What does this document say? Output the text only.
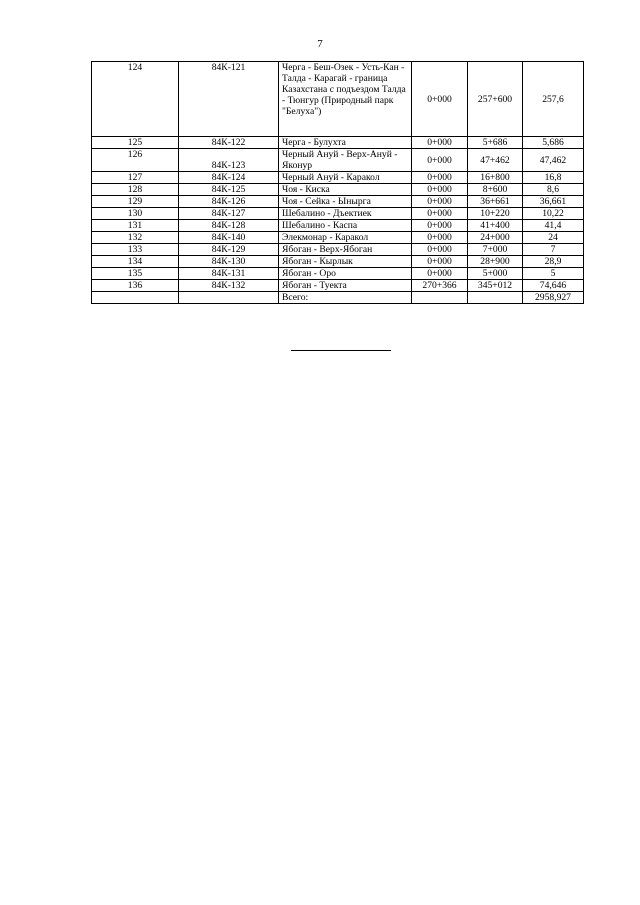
7
124	84К-121	Черга - Беш-Озек - Усть-Кан - Талда - Карагай - граница Казахстана с подъездом Талда - Тюнгур (Природный парк "Белуха")	0+000	257+600	257,6
125	84К-122	Черга - Булухта	0+000	5+686	5,686
126	84К-123	Черный Ануй - Верх-Ануй - Яконур	0+000	47+462	47,462
127	84К-124	Черный Ануй - Каракол	0+000	16+800	16,8
128	84К-125	Чоя - Киска	0+000	8+600	8,6
129	84К-126	Чоя - Сейка - Ыныргa	0+000	36+661	36,661
130	84К-127	Шебалино - Дъектиек	0+000	10+220	10,22
131	84К-128	Шебалино - Каспа	0+000	41+400	41,4
132	84К-140	Элекмонар - Каракол	0+000	24+000	24
133	84К-129	Ябоган - Верх-Ябоган	0+000	7+000	7
134	84К-130	Ябоган - Кырлык	0+000	28+900	28,9
135	84К-131	Ябоган - Оро	0+000	5+000	5
136	84К-132	Ябоган - Туекта	270+366	345+012	74,646
		Всего:			2958,927
